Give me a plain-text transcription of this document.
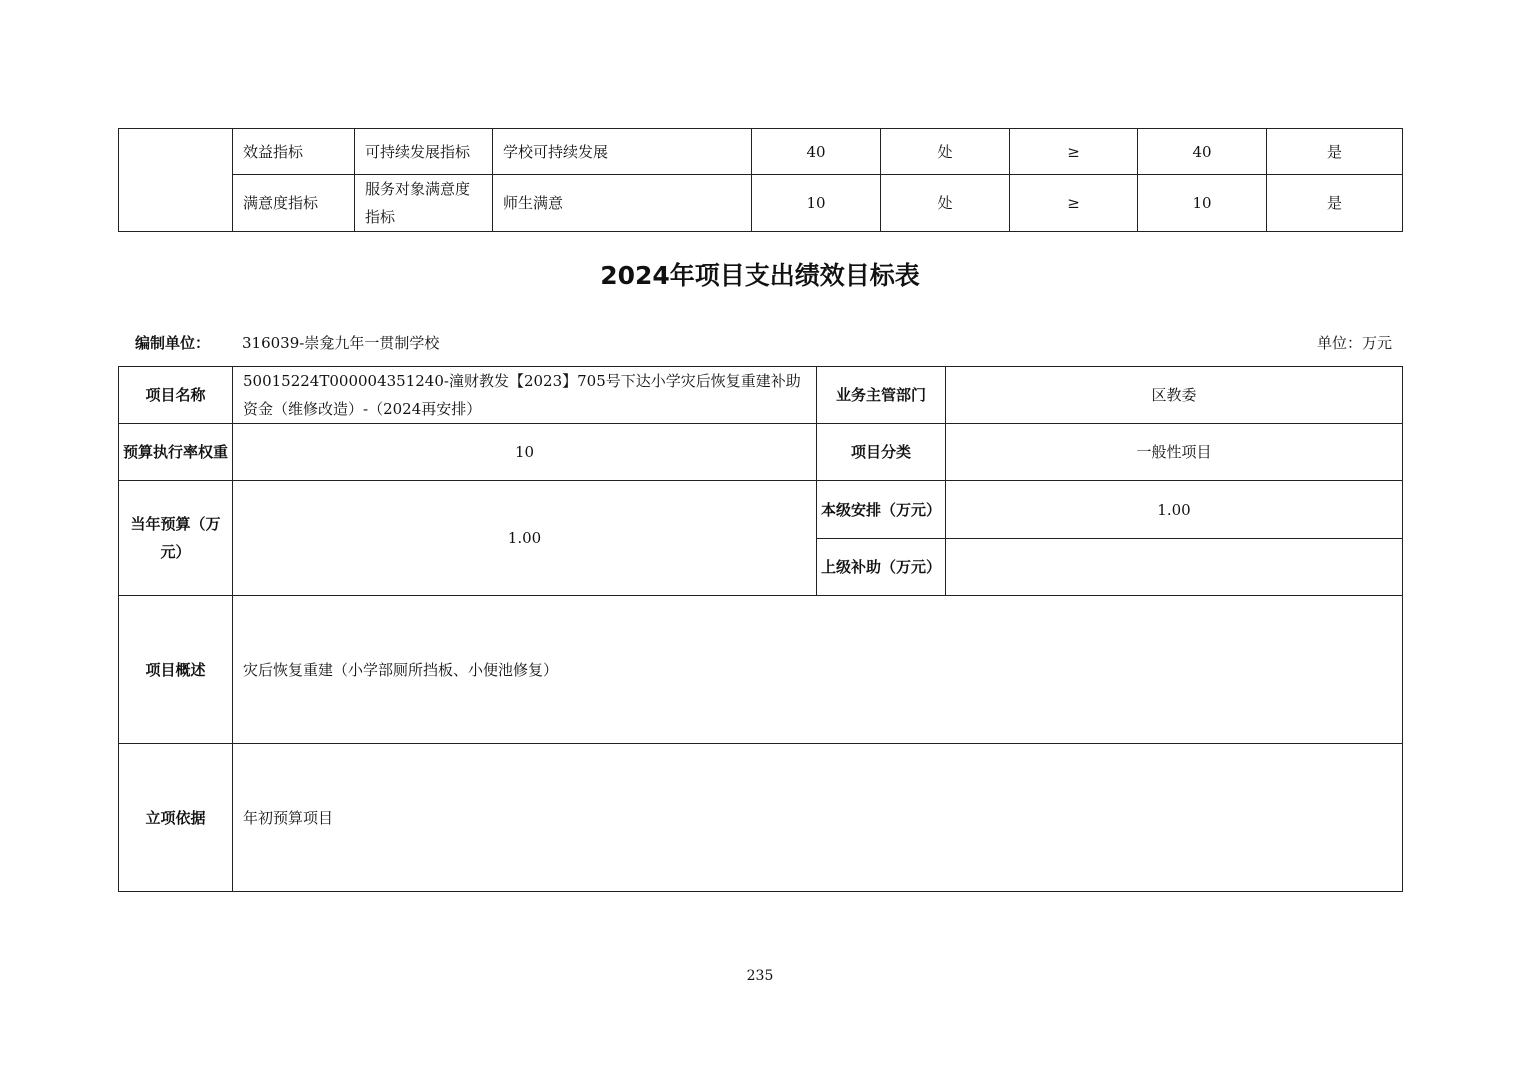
	效益指标	可持续发展指标	学校可持续发展	40	处	≥	40	是
	满意度指标	服务对象满意度指标	师生满意	10	处	≥	10	是
2024年项目支出绩效目标表
编制单位： 316039-崇龛九年一贯制学校	单位：万元
项目名称	50015224T000004351240-潼财教发【2023】705号下达小学灾后恢复重建补助资金（维修改造）-（2024再安排）	业务主管部门	区教委
预算执行率权重	10	项目分类	一般性项目
当年预算（万元）	1.00	本级安排（万元）	1.00
		上级补助（万元）	
项目概述	灾后恢复重建（小学部厕所挡板、小便池修复）		
立项依据	年初预算项目		
235
